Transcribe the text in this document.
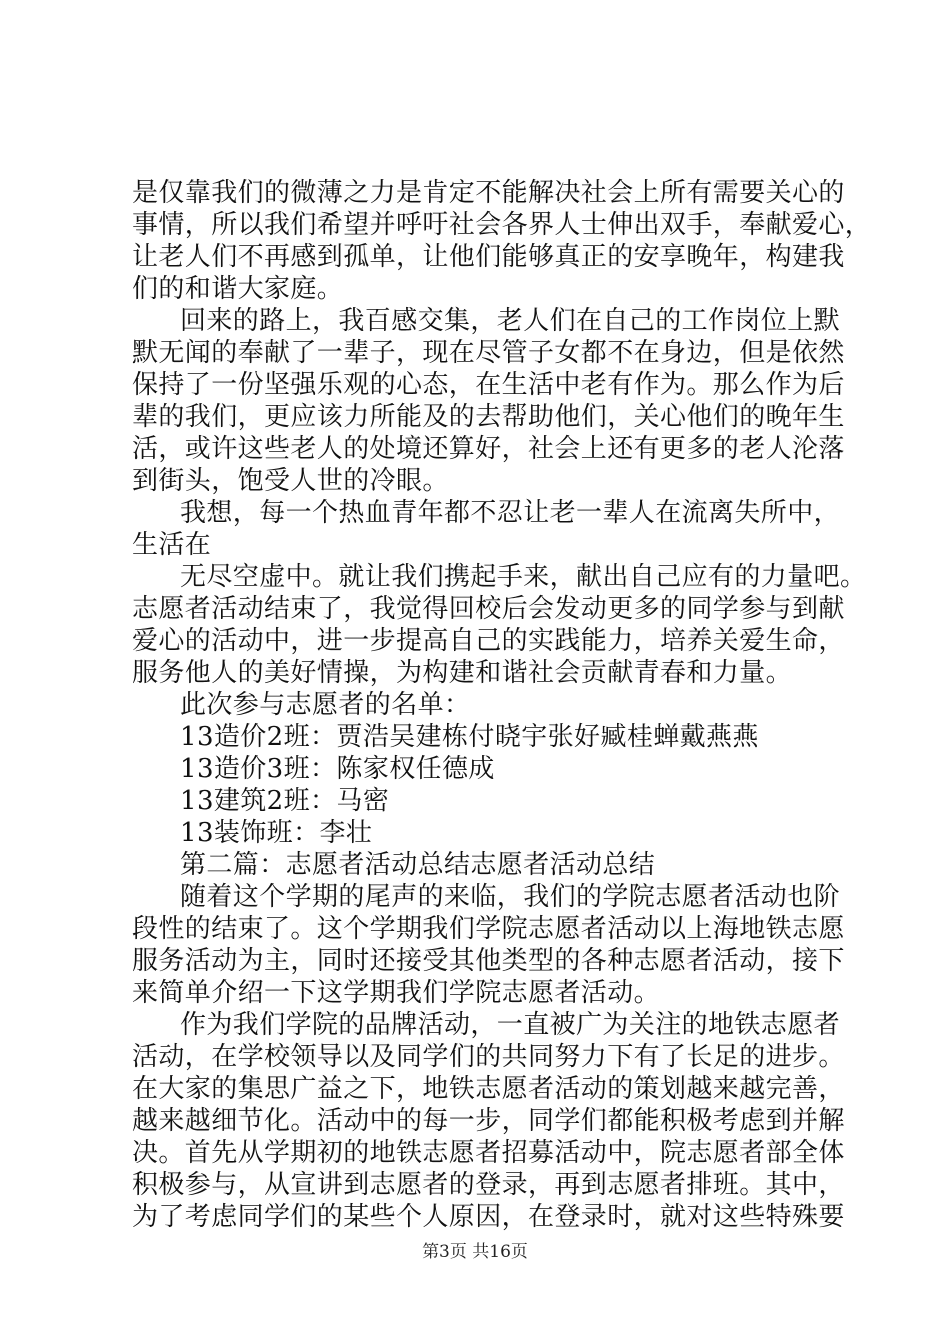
是仅靠我们的微薄之力是肯定不能解决社会上所有需要关心的
事情，所以我们希望并呼吁社会各界人士伸出双手，奉献爱心，
让老人们不再感到孤单，让他们能够真正的安享晚年，构建我
们的和谐大家庭。
回来的路上，我百感交集，老人们在自己的工作岗位上默
默无闻的奉献了一辈子，现在尽管子女都不在身边，但是依然
保持了一份坚强乐观的心态，在生活中老有作为。那么作为后
辈的我们，更应该力所能及的去帮助他们，关心他们的晚年生
活，或许这些老人的处境还算好，社会上还有更多的老人沦落
到街头，饱受人世的冷眼。
我想，每一个热血青年都不忍让老一辈人在流离失所中，
生活在
无尽空虚中。就让我们携起手来，献出自己应有的力量吧。
志愿者活动结束了，我觉得回校后会发动更多的同学参与到献
爱心的活动中，进一步提高自己的实践能力，培养关爱生命，
服务他人的美好情操，为构建和谐社会贡献青春和力量。
此次参与志愿者的名单：
13造价2班：贾浩吴建栋付晓宇张好臧桂蝉戴燕燕
13造价3班：陈家权任德成
13建筑2班：马密
13装饰班：李壮
第二篇：志愿者活动总结志愿者活动总结
随着这个学期的尾声的来临，我们的学院志愿者活动也阶
段性的结束了。这个学期我们学院志愿者活动以上海地铁志愿
服务活动为主，同时还接受其他类型的各种志愿者活动，接下
来简单介绍一下这学期我们学院志愿者活动。
作为我们学院的品牌活动，一直被广为关注的地铁志愿者
活动，在学校领导以及同学们的共同努力下有了长足的进步。
在大家的集思广益之下，地铁志愿者活动的策划越来越完善，
越来越细节化。活动中的每一步，同学们都能积极考虑到并解
决。首先从学期初的地铁志愿者招募活动中，院志愿者部全体
积极参与，从宣讲到志愿者的登录，再到志愿者排班。其中，
为了考虑同学们的某些个人原因，在登录时，就对这些特殊要
第3页 共16页
